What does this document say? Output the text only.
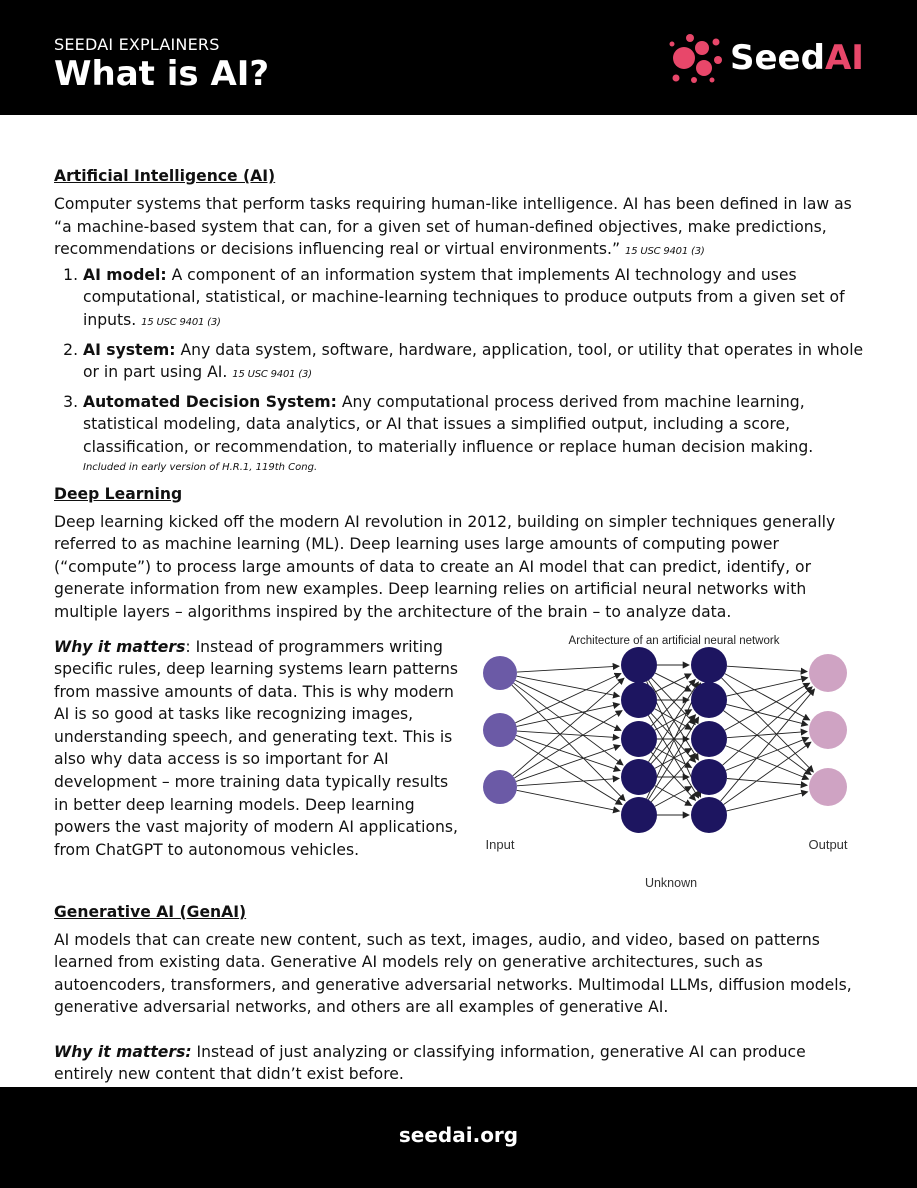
SEEDAI EXPLAINERS
What is AI?	SeedAI
Artificial Intelligence (AI)

Computer systems that perform tasks requiring human-like intelligence. AI has been defined in law as “a machine-based system that can, for a given set of human-defined objectives, make predictions, recommendations or decisions influencing real or virtual environments.” 15 USC 9401 (3)

1. AI model: A component of an information system that implements AI technology and uses computational, statistical, or machine-learning techniques to produce outputs from a given set of inputs. 15 USC 9401 (3)
2. AI system: Any data system, software, hardware, application, tool, or utility that operates in whole or in part using AI. 15 USC 9401 (3)
3. Automated Decision System: Any computational process derived from machine learning, statistical modeling, data analytics, or AI that issues a simplified output, including a score, classification, or recommendation, to materially influence or replace human decision making.
Included in early version of H.R.1, 119th Cong.
Deep Learning

Deep learning kicked off the modern AI revolution in 2012, building on simpler techniques generally referred to as machine learning (ML). Deep learning uses large amounts of computing power (“compute”) to process large amounts of data to create an AI model that can predict, identify, or generate information from new examples. Deep learning relies on artificial neural networks with multiple layers – algorithms inspired by the architecture of the brain – to analyze data.

Why it matters: Instead of programmers writing specific rules, deep learning systems learn patterns from massive amounts of data. This is why modern AI is so good at tasks like recognizing images, understanding speech, and generating text. This is also why data access is so important for AI development – more training data typically results in better deep learning models. Deep learning powers the vast majority of modern AI applications, from ChatGPT to autonomous vehicles.

Architecture of an artificial neural network
Input	Output
Unknown
Generative AI (GenAI)

AI models that can create new content, such as text, images, audio, and video, based on patterns learned from existing data. Generative AI models rely on generative architectures, such as autoencoders, transformers, and generative adversarial networks. Multimodal LLMs, diffusion models, generative adversarial networks, and others are all examples of generative AI.

Why it matters: Instead of just analyzing or classifying information, generative AI can produce entirely new content that didn’t exist before.

seedai.org
